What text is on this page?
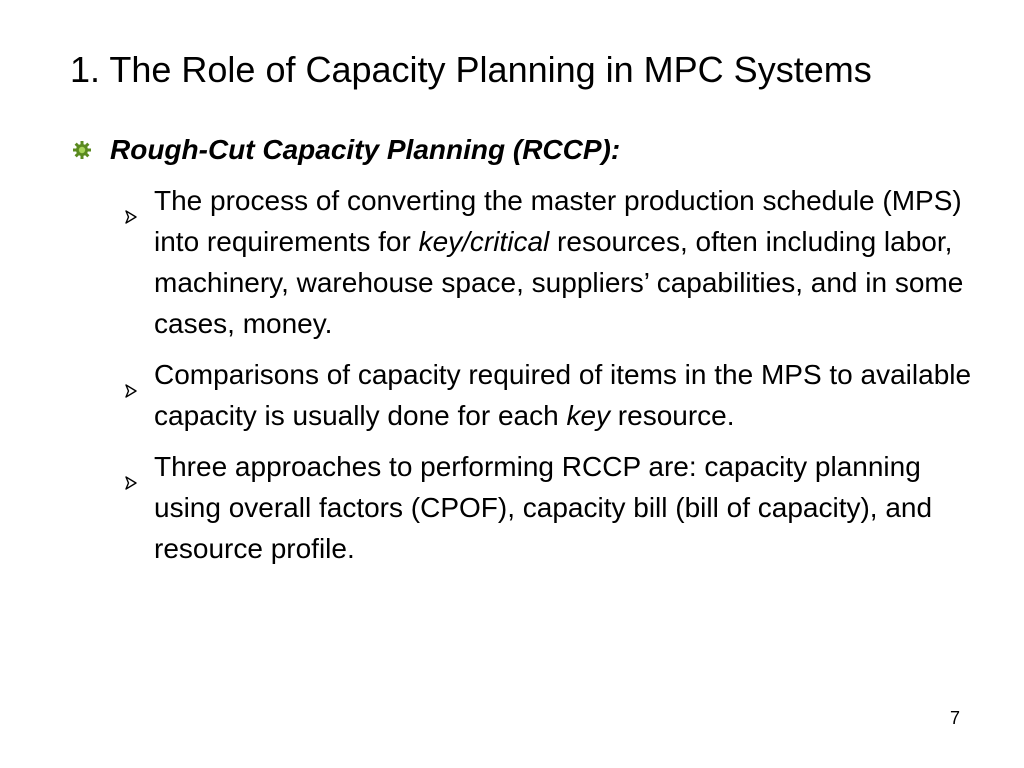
1. The Role of Capacity Planning in MPC Systems
Rough-Cut Capacity Planning (RCCP):
The process of converting the master production schedule (MPS) into requirements for key/critical resources, often including labor, machinery, warehouse space, suppliers’ capabilities, and in some cases, money.
Comparisons of capacity required of items in the MPS to available capacity is usually done for each key resource.
Three approaches to performing RCCP are: capacity planning using overall factors (CPOF), capacity bill (bill of capacity), and resource profile.
7
